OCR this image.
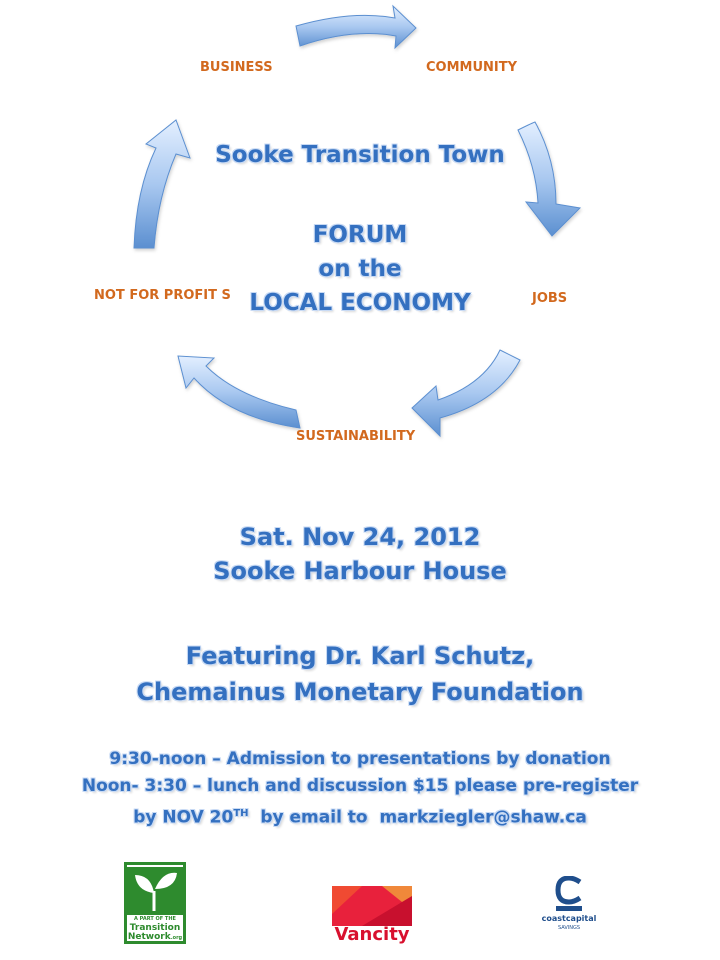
BUSINESS	COMMUNITY
JOBS
SUSTAINABILITY
NOT FOR PROFIT S
Sooke Transition Town
FORUM
on the
LOCAL ECONOMY
Sat. Nov 24, 2012
Sooke Harbour House
Featuring Dr. Karl Schutz,
Chemainus Monetary Foundation
9:30-noon – Admission to presentations by donation
Noon- 3:30 – lunch and discussion $15 please pre-register
by NOV 20TH  by email to  markziegler@shaw.ca
A PART OF THE
Transition
Network.org	Vancity
coastcapital
SAVINGS
